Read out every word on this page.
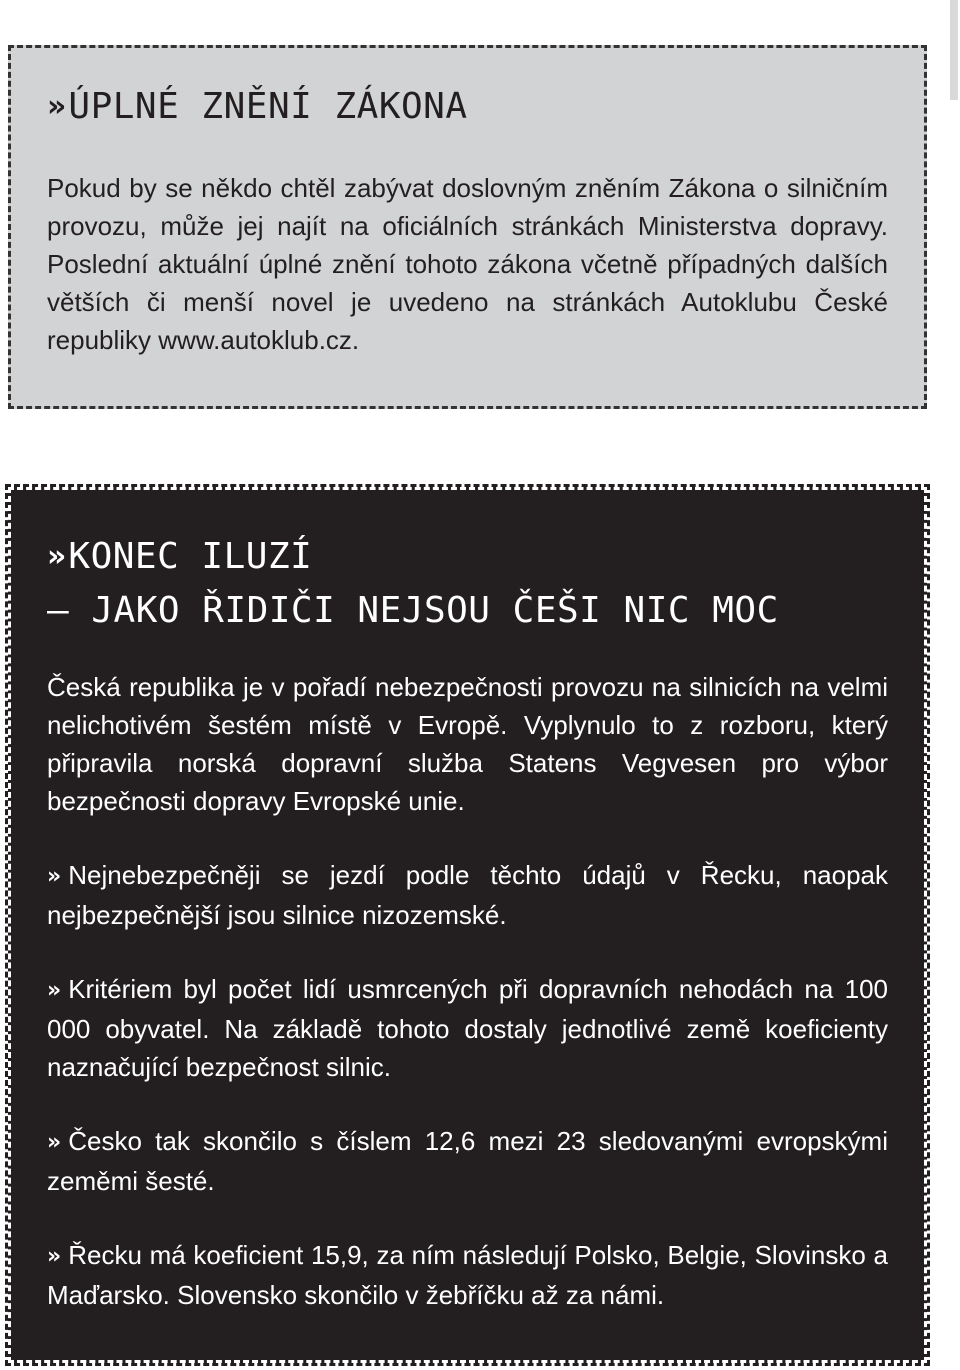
» ÚPLNÉ ZNĚNÍ ZÁKONA

Pokud by se někdo chtěl zabývat doslovným zněním Zákona o silničním provozu, může jej najít na oficiálních stránkách Ministerstva dopravy. Poslední aktuální úplné znění tohoto zákona včetně případných dalších větších či menší novel je uvedeno na stránkách Autoklubu České republiky www.autoklub.cz.

» KONEC ILUZÍ
– JAKO ŘIDIČI NEJSOU ČEŠI NIC MOC

Česká republika je v pořadí nebezpečnosti provozu na silnicích na velmi nelichotivém šestém místě v Evropě. Vyplynulo to z rozboru, který připravila norská dopravní služba Statens Vegvesen pro výbor bezpečnosti dopravy Evropské unie.

» Nejnebezpečněji se jezdí podle těchto údajů v Řecku, naopak nejbezpečnější jsou silnice nizozemské.

» Kritériem byl počet lidí usmrcených při dopravních nehodách na 100 000 obyvatel. Na základě tohoto dostaly jednotlivé země koeficienty naznačující bezpečnost silnic.

» Česko tak skončilo s číslem 12,6 mezi 23 sledovanými evropskými zeměmi šesté.

» Řecku má koeficient 15,9, za ním následují Polsko, Belgie, Slovinsko a Maďarsko. Slovensko skončilo v žebříčku až za námi.
